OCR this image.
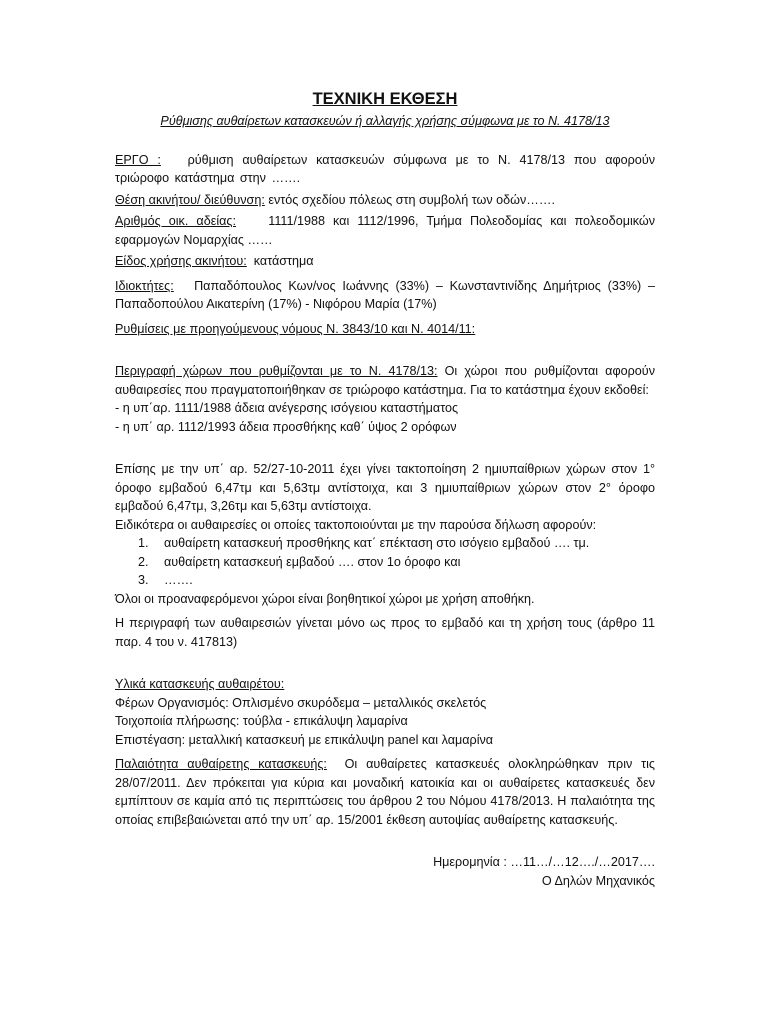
ΤΕΧΝΙΚΗ ΕΚΘΕΣΗ

Ρύθμισης αυθαίρετων κατασκευών ή αλλαγής χρήσης σύμφωνα με το Ν. 4178/13

ΕΡΓΟ : ρύθμιση αυθαίρετων κατασκευών σύμφωνα με το Ν. 4178/13 που αφορούν τριώροφο κατάστημα στην …….

Θέση ακινήτου/ διεύθυνση: εντός σχεδίου πόλεως στη συμβολή των οδών…….

Αριθμός οικ. αδείας:	1111/1988 και 1112/1996, Τμήμα Πολεοδομίας και πολεοδομικών εφαρμογών Νομαρχίας ……

Είδος χρήσης ακινήτου: κατάστημα

Ιδιοκτήτες: Παπαδόπουλος Κων/νος Ιωάννης (33%) – Κωνσταντινίδης Δημήτριος (33%) – Παπαδοπούλου Αικατερίνη (17%) - Νιφόρου Μαρία (17%)

Ρυθμίσεις με προηγούμενους νόμους Ν. 3843/10 και Ν. 4014/11:

Περιγραφή χώρων που ρυθμίζονται με το Ν. 4178/13: Οι χώροι που ρυθμίζονται αφορούν αυθαιρεσίες που πραγματοποιήθηκαν σε τριώροφο κατάστημα. Για το κατάστημα έχουν εκδοθεί:

- η υπ΄αρ. 1111/1988 άδεια ανέγερσης ισόγειου καταστήματος

- η υπ΄ αρ. 1112/1993 άδεια προσθήκης καθ΄ ύψος 2 ορόφων

Επίσης με την υπ΄ αρ. 52/27-10-2011 έχει γίνει τακτοποίηση 2 ημιυπαίθριων χώρων στον 1° όροφο εμβαδού 6,47τμ και 5,63τμ αντίστοιχα, και 3 ημιυπαίθριων χώρων στον 2° όροφο εμβαδού 6,47τμ, 3,26τμ και 5,63τμ αντίστοιχα.

Ειδικότερα οι αυθαιρεσίες οι οποίες τακτοποιούνται με την παρούσα δήλωση αφορούν:

1.	αυθαίρετη κατασκευή προσθήκης κατ΄ επέκταση στο ισόγειο εμβαδού …. τμ.
2.	αυθαίρετη κατασκευή εμβαδού …. στον 1ο όροφο και
3.	…….

Όλοι οι προαναφερόμενοι χώροι είναι βοηθητικοί χώροι με χρήση αποθήκη.

Η περιγραφή των αυθαιρεσιών γίνεται μόνο ως προς το εμβαδό και τη χρήση τους (άρθρο 11 παρ. 4 του ν. 417813)

Υλικά κατασκευής αυθαιρέτου:

Φέρων Οργανισμός: Οπλισμένο σκυρόδεμα – μεταλλικός σκελετός

Τοιχοποιία πλήρωσης: τούβλα - επικάλυψη λαμαρίνα

Επιστέγαση: μεταλλική κατασκευή με επικάλυψη panel και λαμαρίνα

Παλαιότητα αυθαίρετης κατασκευής: Οι αυθαίρετες κατασκευές ολοκληρώθηκαν πριν τις 28/07/2011. Δεν πρόκειται για κύρια και μοναδική κατοικία και οι αυθαίρετες κατασκευές δεν εμπίπτουν σε καμία από τις περιπτώσεις του άρθρου 2 του Νόμου 4178/2013. Η παλαιότητα της οποίας επιβεβαιώνεται από την υπ΄ αρ. 15/2001 έκθεση αυτοψίας αυθαίρετης κατασκευής.

Ημερομηνία : …11…/…12…./…2017….

Ο Δηλών Μηχανικός
